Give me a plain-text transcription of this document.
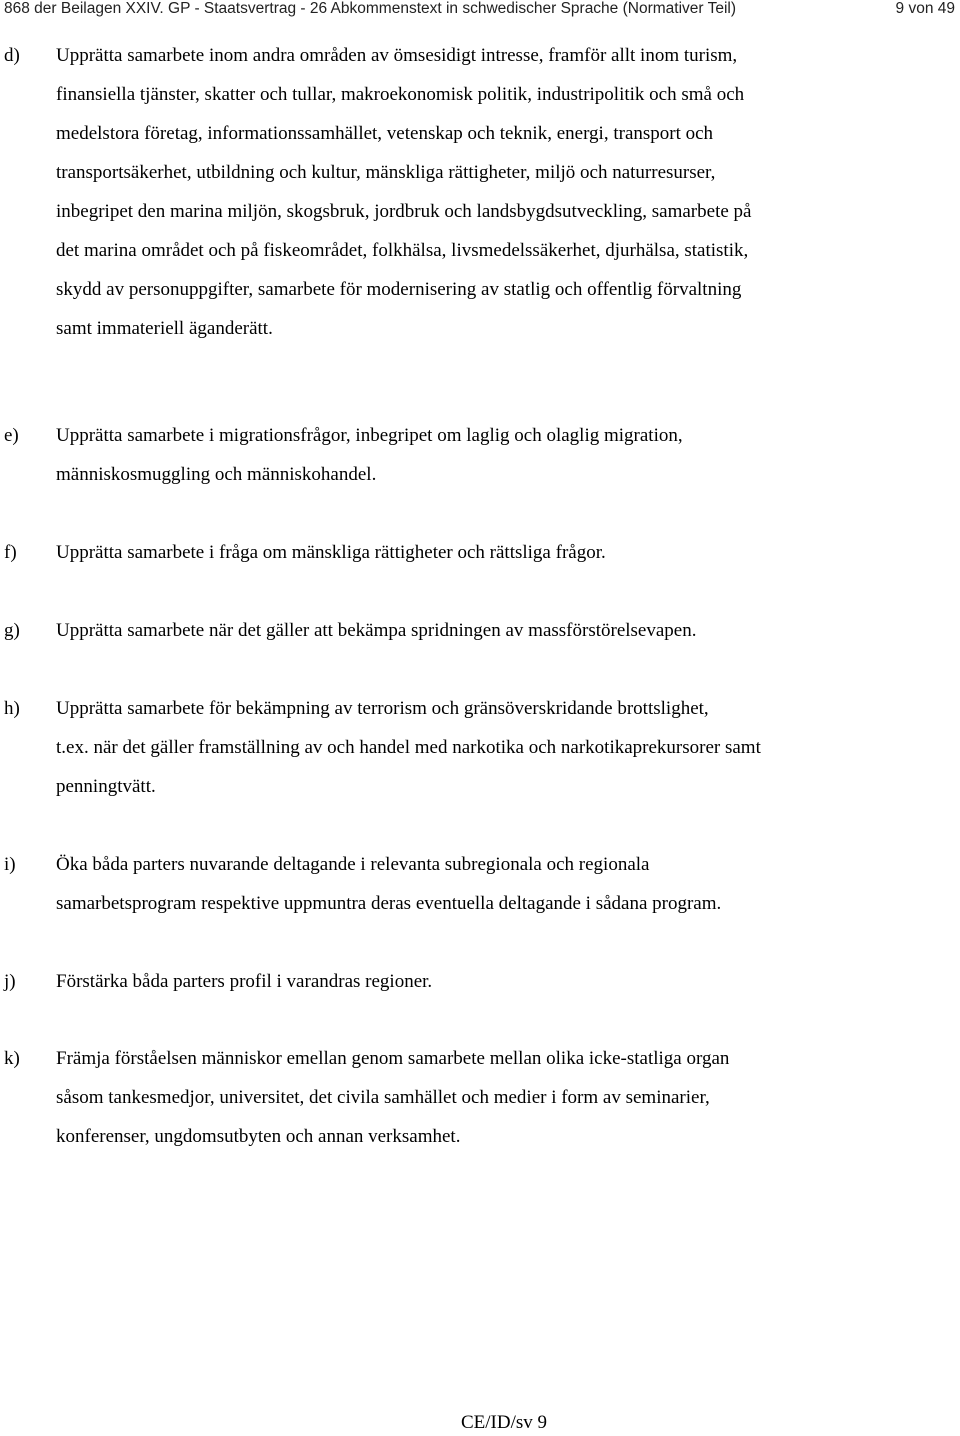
868 der Beilagen XXIV. GP - Staatsvertrag - 26 Abkommenstext in schwedischer Sprache (Normativer Teil)	9 von 49
d) Upprätta samarbete inom andra områden av ömsesidigt intresse, framför allt inom turism,
finansiella tjänster, skatter och tullar, makroekonomisk politik, industripolitik och små och
medelstora företag, informationssamhället, vetenskap och teknik, energi, transport och
transportsäkerhet, utbildning och kultur, mänskliga rättigheter, miljö och naturresurser,
inbegripet den marina miljön, skogsbruk, jordbruk och landsbygdsutveckling, samarbete på
det marina området och på fiskeområdet, folkhälsa, livsmedelssäkerhet, djurhälsa, statistik,
skydd av personuppgifter, samarbete för modernisering av statlig och offentlig förvaltning
samt immateriell äganderätt.
e) Upprätta samarbete i migrationsfrågor, inbegripet om laglig och olaglig migration,
människosmuggling och människohandel.
f) Upprätta samarbete i fråga om mänskliga rättigheter och rättsliga frågor.
g) Upprätta samarbete när det gäller att bekämpa spridningen av massförstörelsevapen.
h) Upprätta samarbete för bekämpning av terrorism och gränsöverskridande brottslighet,
t.ex. när det gäller framställning av och handel med narkotika och narkotikaprekursorer samt
penningtvätt.
i) Öka båda parters nuvarande deltagande i relevanta subregionala och regionala
samarbetsprogram respektive uppmuntra deras eventuella deltagande i sådana program.
j) Förstärka båda parters profil i varandras regioner.
k) Främja förståelsen människor emellan genom samarbete mellan olika icke-statliga organ
såsom tankesmedjor, universitet, det civila samhället och medier i form av seminarier,
konferenser, ungdomsutbyten och annan verksamhet.
CE/ID/sv 9
